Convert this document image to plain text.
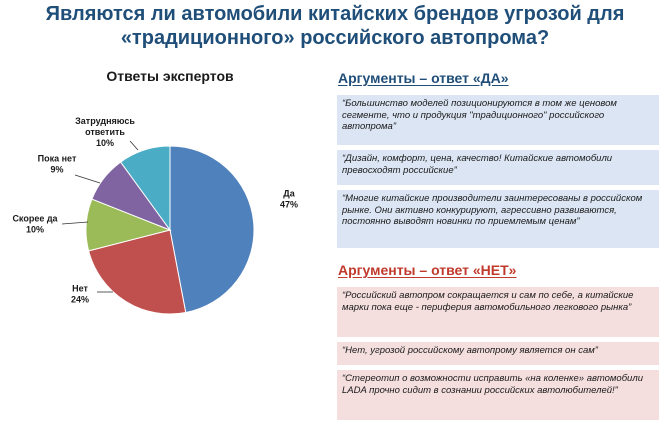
Являются ли автомобили китайских брендов угрозой для
«традиционного» российского автопрома?
Ответы экспертов
Да 47%
Нет 24%
Скорее да 10%
Пока нет 9%
Затрудняюсь ответить 10%
Аргументы – ответ «ДА»
“Большинство моделей позиционируются в том же ценовом сегменте, что и продукция "традиционного" российского автопрома”
“Дизайн, комфорт, цена, качество! Китайские автомобили превосходят российские”
“Многие китайские производители заинтересованы в российском рынке. Они активно конкурируют, агрессивно развиваются, постоянно выводят новинки по приемлемым ценам”
Аргументы – ответ «НЕТ»
“Российский автопром сокращается и сам по себе, а китайские марки пока еще - периферия автомобильного легкового рынка”
“Нет, угрозой российскому автопрому является он сам”
“Стереотип о возможности исправить «на коленке» автомобили LADA прочно сидит в сознании российских автолюбителей!”
